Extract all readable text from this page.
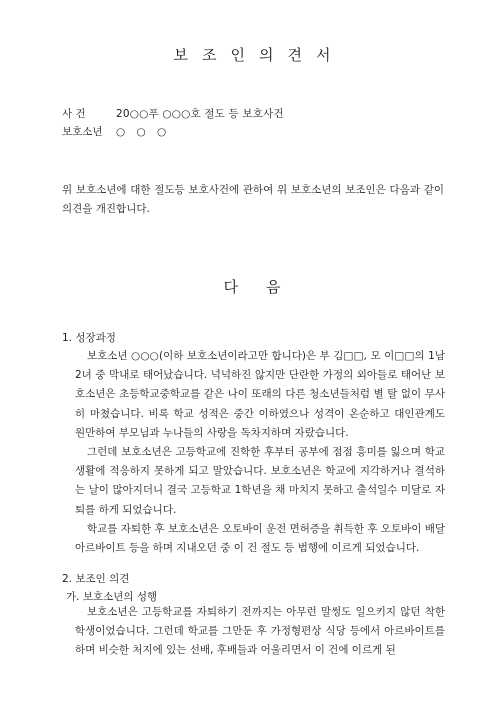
보조인의견서
사 건	20○○푸 ○○○호 절도 등 보호사건
보호소년 ○ ○ ○
위 보호소년에 대한 절도등 보호사건에 관하여 위 보호소년의 보조인은 다음과 같이 의견을 개진합니다.
다음
1. 성장과정

보호소년 ○○○(이하 보호소년이라고만 합니다)은 부 김□□, 모 이□□의 1남 2녀 중 막내로 태어났습니다. 넉넉하진 않지만 단란한 가정의 외아들로 태어난 보호소년은 초등학교중학교를 같은 나이 또래의 다른 청소년들처럼 별 탈 없이 무사히 마쳤습니다. 비록 학교 성적은 중간 이하였으나 성격이 온순하고 대인관계도 원만하여 부모님과 누나들의 사랑을 독차지하며 자랐습니다.

그런데 보호소년은 고등학교에 진학한 후부터 공부에 점점 흥미를 잃으며 학교생활에 적응하지 못하게 되고 말았습니다. 보호소년은 학교에 지각하거나 결석하는 날이 많아지더니 결국 고등학교 1학년을 채 마치지 못하고 출석일수 미달로 자퇴를 하게 되었습니다.

학교를 자퇴한 후 보호소년은 오토바이 운전 면허증을 취득한 후 오토바이 배달 아르바이트 등을 하며 지내오던 중 이 건 절도 등 범행에 이르게 되었습니다.

2. 보조인 의견
가. 보호소년의 성행

보호소년은 고등학교를 자퇴하기 전까지는 아무런 말썽도 일으키지 않던 착한 학생이었습니다. 그런데 학교를 그만둔 후 가정형편상 식당 등에서 아르바이트를 하며 비슷한 처지에 있는 선배, 후배들과 어울리면서 이 건에 이르게 된
